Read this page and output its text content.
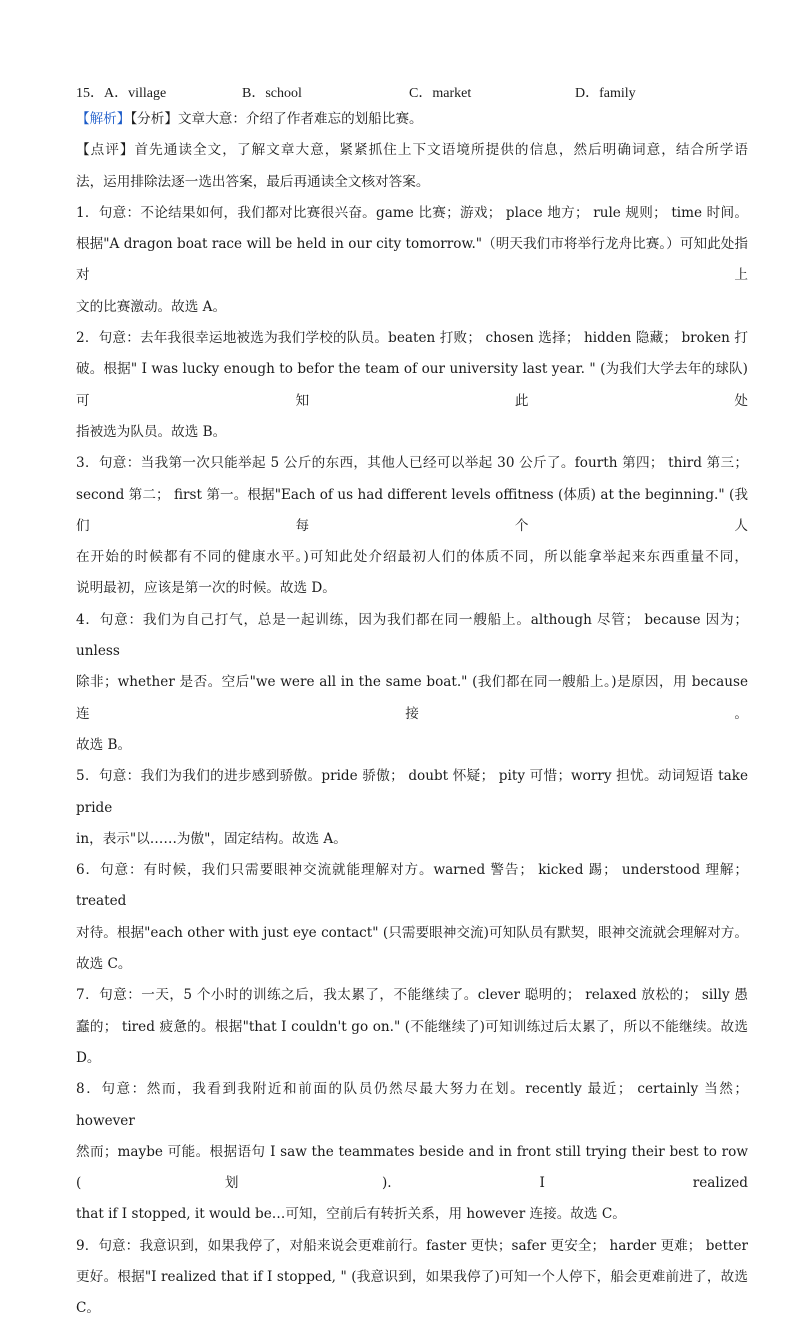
15．A．village	B．school	C．market	D．family
【解析】【分析】文章大意：介绍了作者难忘的划船比赛。
【点评】首先通读全文，了解文章大意，紧紧抓住上下文语境所提供的信息，然后明确词意，结合所学语
法，运用排除法逐一选出答案，最后再通读全文核对答案。
1．句意：不论结果如何，我们都对比赛很兴奋。game 比赛；游戏； place 地方； rule 规则； time 时间。
根据"A dragon boat race will be held in our city tomorrow."（明天我们市将举行龙舟比赛。）可知此处指对上
文的比赛激动。故选 A。
2．句意：去年我很幸运地被选为我们学校的队员。beaten 打败； chosen 选择； hidden 隐藏； broken 打
破。根据" I was lucky enough to befor the team of our university last year. " (为我们大学去年的球队)可知此处
指被选为队员。故选 B。
3．句意：当我第一次只能举起 5 公斤的东西，其他人已经可以举起 30 公斤了。fourth 第四； third 第三；
second 第二； first 第一。根据"Each of us had different levels offitness (体质) at the beginning." (我们每个人
在开始的时候都有不同的健康水平。)可知此处介绍最初人们的体质不同，所以能拿举起来东西重量不同，
说明最初，应该是第一次的时候。故选 D。
4．句意：我们为自己打气，总是一起训练，因为我们都在同一艘船上。although 尽管； because 因为； unless
除非；whether 是否。空后"we were all in the same boat." (我们都在同一艘船上。)是原因，用 because 连接。
故选 B。
5．句意：我们为我们的进步感到骄傲。pride 骄傲； doubt 怀疑； pity 可惜；worry 担忧。动词短语 take pride
in，表示"以……为傲"，固定结构。故选 A。
6．句意：有时候，我们只需要眼神交流就能理解对方。warned 警告； kicked 踢； understood 理解； treated
对待。根据"each other with just eye contact" (只需要眼神交流)可知队员有默契，眼神交流就会理解对方。
故选 C。
7．句意：一天，5 个小时的训练之后，我太累了，不能继续了。clever 聪明的； relaxed 放松的； silly 愚
蠢的； tired 疲惫的。根据"that I couldn't go on." (不能继续了)可知训练过后太累了，所以不能继续。故选
D。
8．句意：然而，我看到我附近和前面的队员仍然尽最大努力在划。recently 最近； certainly 当然； however
然而；maybe 可能。根据语句 I saw the teammates beside and in front still trying their best to row (划). I realized
that if I stopped, it would be…可知，空前后有转折关系，用 however 连接。故选 C。
9．句意：我意识到，如果我停了，对船来说会更难前行。faster 更快；safer 更安全； harder 更难； better
更好。根据"I realized that if I stopped, " (我意识到，如果我停了)可知一个人停下，船会更难前进了，故选
C。
